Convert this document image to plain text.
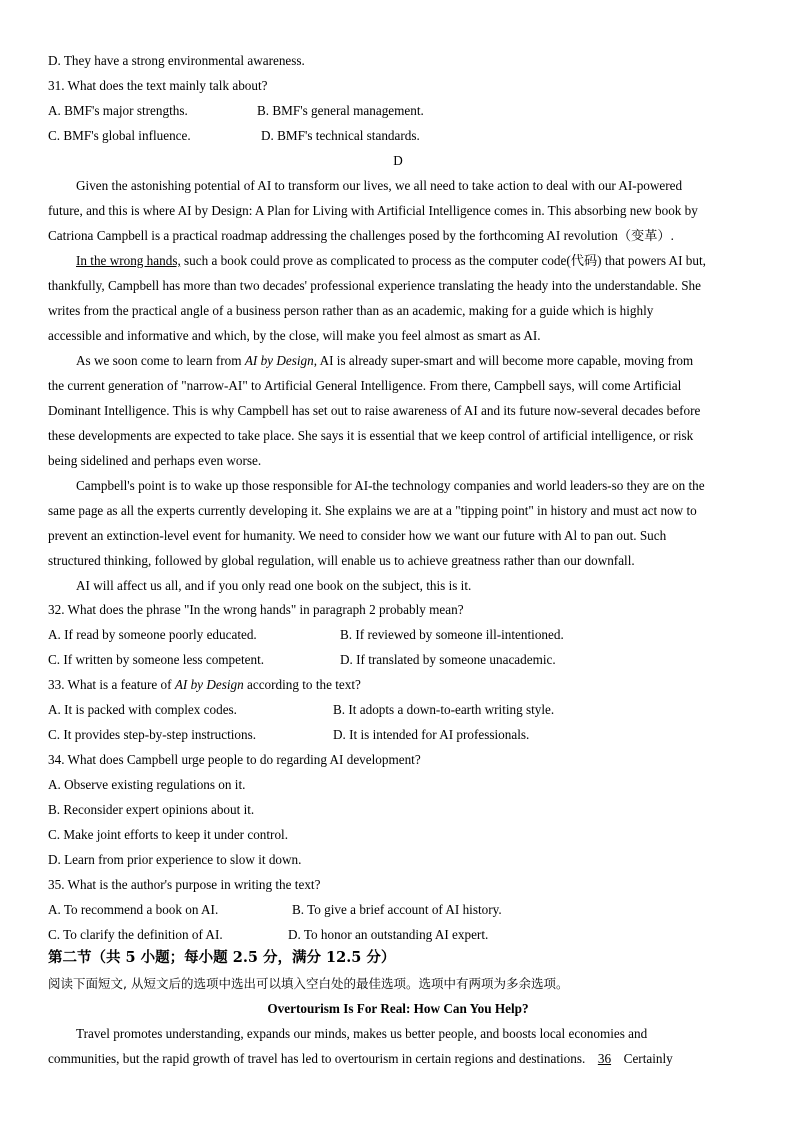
D. They have a strong environmental awareness.
31. What does the text mainly talk about?
A. BMF's major strengths.	B. BMF's general management.
C. BMF's global influence.	D. BMF's technical standards.
D
Given the astonishing potential of AI to transform our lives, we all need to take action to deal with our AI-powered
future, and this is where AI by Design: A Plan for Living with Artificial Intelligence comes in. This absorbing new book by
Catriona Campbell is a practical roadmap addressing the challenges posed by the forthcoming AI revolution（变革）.
In the wrong hands, such a book could prove as complicated to process as the computer code(代码) that powers AI but,
thankfully, Campbell has more than two decades' professional experience translating the heady into the understandable. She
writes from the practical angle of a business person rather than as an academic, making for a guide which is highly
accessible and informative and which, by the close, will make you feel almost as smart as AI.
As we soon come to learn from AI by Design, AI is already super-smart and will become more capable, moving from
the current generation of "narrow-AI" to Artificial General Intelligence. From there, Campbell says, will come Artificial
Dominant Intelligence. This is why Campbell has set out to raise awareness of AI and its future now-several decades before
these developments are expected to take place. She says it is essential that we keep control of artificial intelligence, or risk
being sidelined and perhaps even worse.
Campbell's point is to wake up those responsible for AI-the technology companies and world leaders-so they are on the
same page as all the experts currently developing it. She explains we are at a "tipping point" in history and must act now to
prevent an extinction-level event for humanity. We need to consider how we want our future with Al to pan out. Such
structured thinking, followed by global regulation, will enable us to achieve greatness rather than our downfall.
AI will affect us all, and if you only read one book on the subject, this is it.
32. What does the phrase "In the wrong hands" in paragraph 2 probably mean?
A. If read by someone poorly educated.	B. If reviewed by someone ill-intentioned.
C. If written by someone less competent.	D. If translated by someone unacademic.
33. What is a feature of AI by Design according to the text?
A. It is packed with complex codes.	B. It adopts a down-to-earth writing style.
C. It provides step-by-step instructions.	D. It is intended for AI professionals.
34. What does Campbell urge people to do regarding AI development?
A. Observe existing regulations on it.
B. Reconsider expert opinions about it.
C. Make joint efforts to keep it under control.
D. Learn from prior experience to slow it down.
35. What is the author's purpose in writing the text?
A. To recommend a book on AI.	B. To give a brief account of AI history.
C. To clarify the definition of AI.	D. To honor an outstanding AI expert.
第二节（共 5 小题；每小题 2.5 分，满分 12.5 分）
阅读下面短文, 从短文后的选项中选出可以填入空白处的最佳选项。选项中有两项为多余选项。
Overtourism Is For Real: How Can You Help?
Travel promotes understanding, expands our minds, makes us better people, and boosts local economies and
communities, but the rapid growth of travel has led to overtourism in certain regions and destinations. 36 Certainly
